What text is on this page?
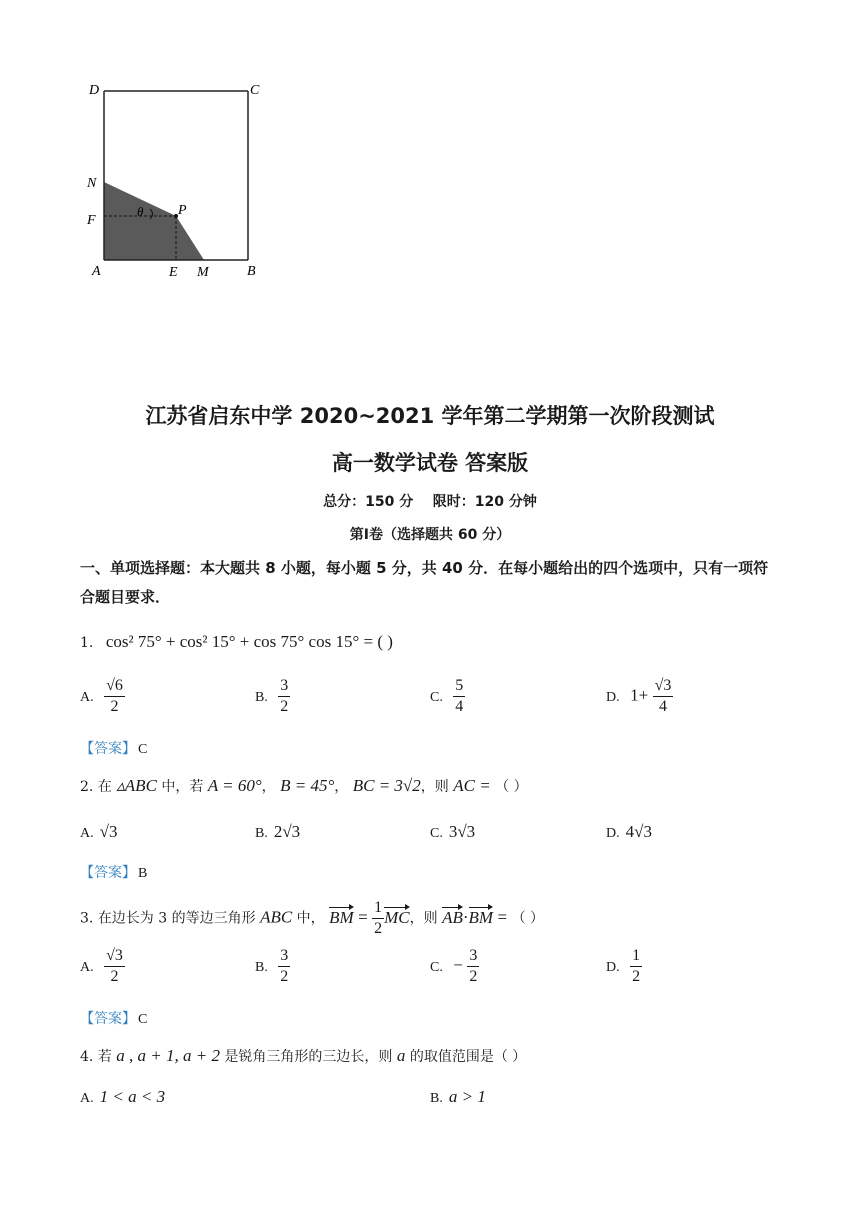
D	C
N
F
P
θ
A	E M	B
江苏省启东中学 2020~2021 学年第二学期第一次阶段测试
高一数学试卷 答案版
总分：150 分    限时：120 分钟
第Ⅰ卷（选择题共 60 分）
一、单项选择题：本大题共 8 小题，每小题 5 分，共 40 分．在每小题给出的四个选项中，只有一项符合题目要求．
1. cos² 75° + cos² 15° + cos 75° cos 15° = ( )
A. $\frac{√6}{2}$	B. $\frac{3}{2}$	C. $\frac{5}{4}$	D. $1+ \frac{√3}{4}$
【答案】 C
2. 在 ▵ABC 中，若 A = 60°， B = 45°， BC = 3√2，则 AC = （ ）
A. √3	B. 2√3	C. 3√3	D. 4√3
【答案】 B
3. 在边长为 3 的等边三角形 ABC 中， BM = $\frac{1}{2}$ MC，则 AB·BM = （ ）
A. $\frac{√3}{2}$	B. $\frac{3}{2}$	C. − $\frac{3}{2}$	D. $\frac{1}{2}$
【答案】 C
4. 若 a , a + 1, a + 2 是锐角三角形的三边长，则 a 的取值范围是（ ）
A. 1 < a < 3	B. a > 1
